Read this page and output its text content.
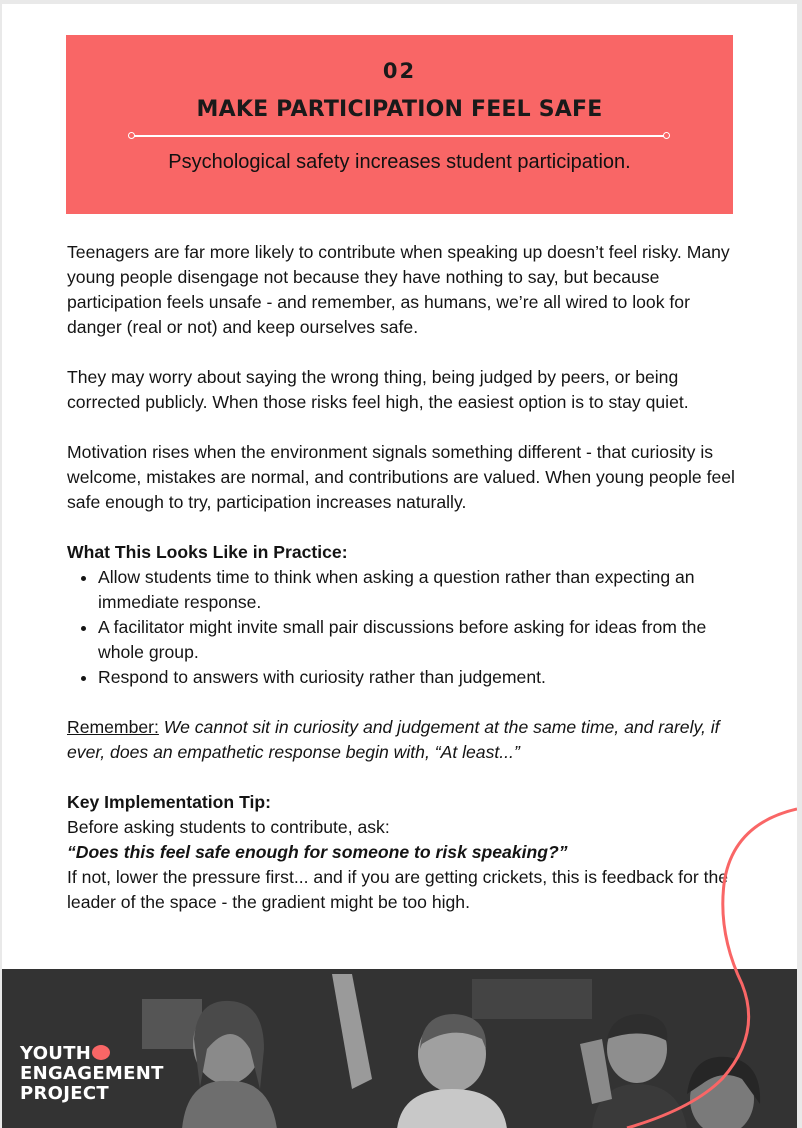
02
MAKE PARTICIPATION FEEL SAFE
Psychological safety increases student participation.

Teenagers are far more likely to contribute when speaking up doesn’t feel risky. Many young people disengage not because they have nothing to say, but because participation feels unsafe - and remember, as humans, we’re all wired to look for danger (real or not) and keep ourselves safe.

They may worry about saying the wrong thing, being judged by peers, or being corrected publicly. When those risks feel high, the easiest option is to stay quiet.

Motivation rises when the environment signals something different - that curiosity is welcome, mistakes are normal, and contributions are valued. When young people feel safe enough to try, participation increases naturally.

What This Looks Like in Practice:
• Allow students time to think when asking a question rather than expecting an immediate response.
• A facilitator might invite small pair discussions before asking for ideas from the whole group.
• Respond to answers with curiosity rather than judgement.

Remember: We cannot sit in curiosity and judgement at the same time, and rarely, if ever, does an empathetic response begin with, “At least...”

Key Implementation Tip:
Before asking students to contribute, ask:
“Does this feel safe enough for someone to risk speaking?”
If not, lower the pressure first... and if you are getting crickets, this is feedback for the leader of the space - the gradient might be too high.
YOUTH
ENGAGEMENT
PROJECT
